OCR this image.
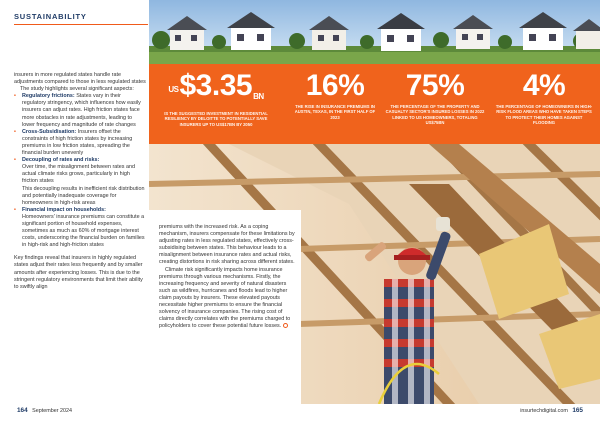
SUSTAINABILITY

insurers in more regulated states handle rate adjustments compared to those in less regulated states

The study highlights several significant aspects:

• Regulatory frictions: States vary in their regulatory stringency, which influences how easily insurers can adjust rates. High friction states face more obstacles in rate adjustments, leading to lower frequency and magnitude of rate changes
• Cross-Subsidisation: Insurers offset the constraints of high friction states by increasing premiums in low friction states, spreading the financial burden unevenly
• Decoupling of rates and risks:
Over time, the misalignment between rates and actual climate risks grows, particularly in high friction states
This decoupling results in inefficient risk distribution and potentially inadequate coverage for homeowners in high-risk areas
• Financial impact on households:
Homeowners' insurance premiums can constitute a significant portion of household expenses, sometimes as much as 60% of mortgage interest costs, underscoring the financial burden on families in high-risk and high-friction states

Key findings reveal that insurers in highly regulated states adjust their rates less frequently and by smaller amounts after experiencing losses. This is due to the stringent regulatory environments that limit their ability to swiftly align

$^{US}$\$3.35BN
IS THE SUGGESTED INVESTMENT IN RESIDENTIAL RESILIENCY BY DELOITTE TO POTENTIALLY SAVE INSURERS UP TO US$17BN BY 2050
16%
THE RISE IN INSURANCE PREMIUMS IN AUSTIN, TEXAS, IN THE FIRST HALF OF 2023
75%
THE PERCENTAGE OF THE PROPERTY AND CASUALTY SECTOR'S INSURED LOSSES IN 2022 LINKED TO US HOMEOWNERS, TOTALING US$75BN
4%
THE PERCENTAGE OF HOMEOWNERS IN HIGH-RISK FLOOD AREAS WHO HAVE TAKEN STEPS TO PROTECT THEIR HOMES AGAINST FLOODING

premiums with the increased risk. As a coping mechanism, insurers compensate for these limitations by adjusting rates in less regulated states, effectively cross-subsidising between states. This behaviour leads to a misalignment between insurance rates and actual risks, creating distortions in risk sharing across different states.

Climate risk significantly impacts home insurance premiums through various mechanisms. Firstly, the increasing frequency and severity of natural disasters such as wildfires, hurricanes and floods lead to higher claim payouts by insurers. These elevated payouts necessitate higher premiums to ensure the financial solvency of insurance companies. The rising cost of claims directly correlates with the premiums charged to policyholders to cover these potential future losses.

164 September 2024	insurtechdigital.com 165
